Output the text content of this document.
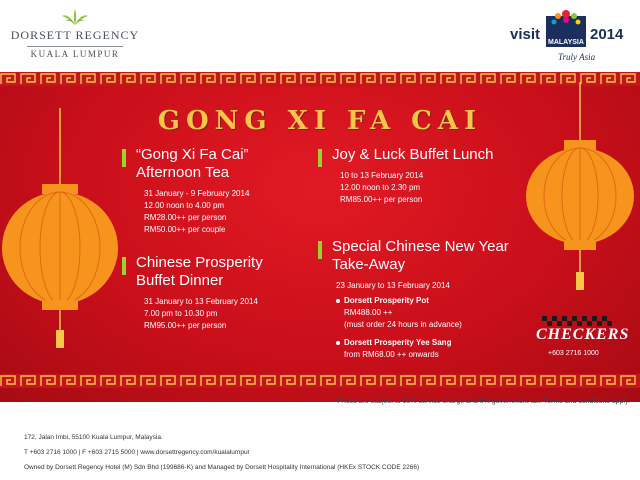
DORSETT REGENCY
KUALA LUMPUR
visit MALAYSIA 2014
Truly Asia
GONG XI FA CAI
“Gong Xi Fa Cai”
Afternoon Tea
31 January - 9 February 2014
12.00 noon to 4.00 pm
RM28.00++ per person
RM50.00++ per couple
Chinese Prosperity
Buffet Dinner
31 January to 13 February 2014
7.00 pm to 10.30 pm
RM95.00++ per person
Joy & Luck Buffet Lunch
10 to 13 February 2014
12.00 noon to 2.30 pm
RM85.00++ per person
Special Chinese New Year
Take-Away
23 January to 13 February 2014
Dorsett Prosperity Pot
RM488.00 ++
(must order 24 hours in advance)
Dorsett Prosperity Yee Sang
from RM68.00 ++ onwards
CHECKERS
+603 2716 1000
Prices are subject to 10% service charge and 6% government tax. Terms and conditions apply.
172, Jalan Imbi, 55100 Kuala Lumpur, Malaysia.
T +603 2716 1000 | F +603 2715 5000 | www.dorsettregency.com/kualalumpur
Owned by Dorsett Regency Hotel (M) Sdn Bhd (199686-K) and Managed by Dorsett Hospitality International (HKEx STOCK CODE 2266)
